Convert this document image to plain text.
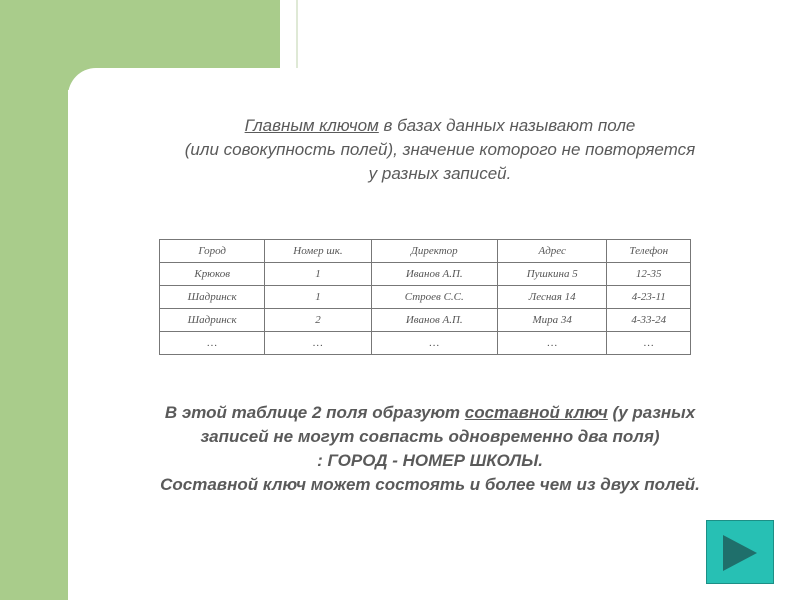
Главным ключом в базах данных называют поле
(или совокупность полей), значение которого не повторяется
у разных записей.
Город	Номер шк.	Директор	Адрес	Телефон
Крюков	1	Иванов А.П.	Пушкина 5	12-35
Шадринск	1	Строев С.С.	Лесная 14	4-23-11
Шадринск	2	Иванов А.П.	Мира 34	4-33-24
…	…	…	…	…
В этой таблице 2 поля образуют составной ключ (у разных
записей не могут совпасть одновременно два поля)
: ГОРОД - НОМЕР ШКОЛЫ.
Составной ключ может состоять и более чем из двух полей.
